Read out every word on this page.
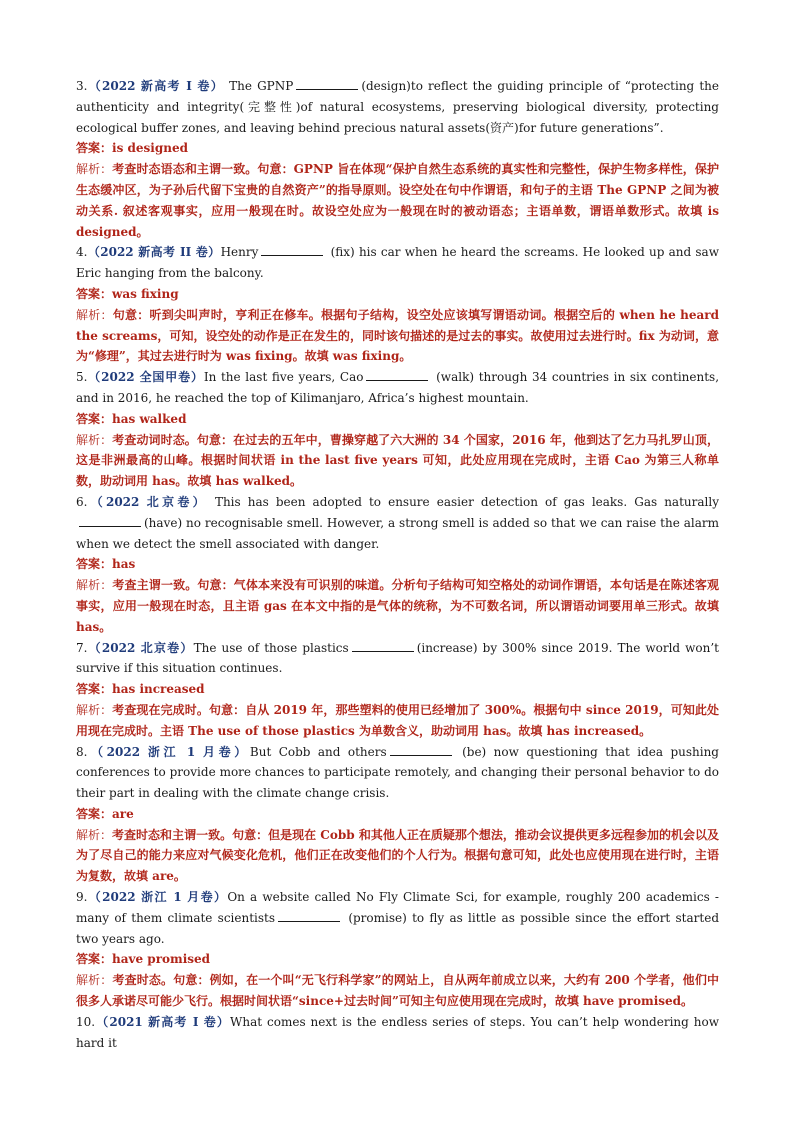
3.（2022 新高考 I 卷） The GPNP	(design)to reflect the guiding principle of “protecting the authenticity and integrity(完整性)of natural ecosystems, preserving biological diversity, protecting ecological buffer zones, and leaving behind precious natural assets(资产)for future generations”.

答案：is designed

解析：考查时态语态和主谓一致。句意：GPNP 旨在体现“保护自然生态系统的真实性和完整性，保护生物多样性，保护生态缓冲区，为子孙后代留下宝贵的自然资产”的指导原则。设空处在句中作谓语，和句子的主语 The GPNP 之间为被动关系. 叙述客观事实，应用一般现在时。故设空处应为一般现在时的被动语态；主语单数，谓语单数形式。故填 is designed。

4.（2022 新高考 II 卷）Henry	(fix) his car when he heard the screams. He looked up and saw Eric hanging from the balcony.

答案：was fixing

解析：句意：听到尖叫声时，亨利正在修车。根据句子结构，设空处应该填写谓语动词。根据空后的 when he heard the screams，可知，设空处的动作是正在发生的，同时该句描述的是过去的事实。故使用过去进行时。fix 为动词，意为“修理”，其过去进行时为 was fixing。故填 was fixing。

5.（2022 全国甲卷）In the last five years, Cao	(walk) through 34 countries in six continents, and in 2016, he reached the top of Kilimanjaro, Africa’s highest mountain.

答案：has walked

解析：考查动词时态。句意：在过去的五年中，曹操穿越了六大洲的 34 个国家，2016 年，他到达了乞力马扎罗山顶，这是非洲最高的山峰。根据时间状语 in the last five years 可知，此处应用现在完成时，主语 Cao 为第三人称单数，助动词用 has。故填 has walked。

6.（2022 北京卷） This has been adopted to ensure easier detection of gas leaks. Gas naturally(have) no recognisable smell. However, a strong smell is added so that we can raise the alarm when we detect the smell associated with danger.

答案：has

解析：考查主谓一致。句意：气体本来没有可识别的味道。分析句子结构可知空格处的动词作谓语，本句话是在陈述客观事实，应用一般现在时态，且主语 gas 在本文中指的是气体的统称，为不可数名词，所以谓语动词要用单三形式。故填 has。

7.（2022 北京卷）The use of those plastics	(increase) by 300% since 2019. The world won’t survive if this situation continues.

答案：has increased

解析：考查现在完成时。句意：自从 2019 年，那些塑料的使用已经增加了 300%。根据句中 since 2019，可知此处用现在完成时。主语 The use of those plastics 为单数含义，助动词用 has。故填 has increased。

8.（2022 浙江 1 月卷）But Cobb and others	(be) now questioning that idea pushing conferences to provide more chances to participate remotely, and changing their personal behavior to do their part in dealing with the climate change crisis.

答案：are

解析：考查时态和主谓一致。句意：但是现在 Cobb 和其他人正在质疑那个想法，推动会议提供更多远程参加的机会以及为了尽自己的能力来应对气候变化危机，他们正在改变他们的个人行为。根据句意可知，此处也应使用现在进行时，主语为复数，故填 are。

9.（2022 浙江 1 月卷）On a website called No Fly Climate Sci, for example, roughly 200 academics - many of them climate scientists	(promise) to fly as little as possible since the effort started two years ago.

答案：have promised

解析：考查时态。句意：例如，在一个叫“无飞行科学家”的网站上，自从两年前成立以来，大约有 200 个学者，他们中很多人承诺尽可能少飞行。根据时间状语“since+过去时间”可知主句应使用现在完成时，故填 have promised。

10.（2021 新高考 I 卷）What comes next is the endless series of steps. You can’t help wondering how hard it
